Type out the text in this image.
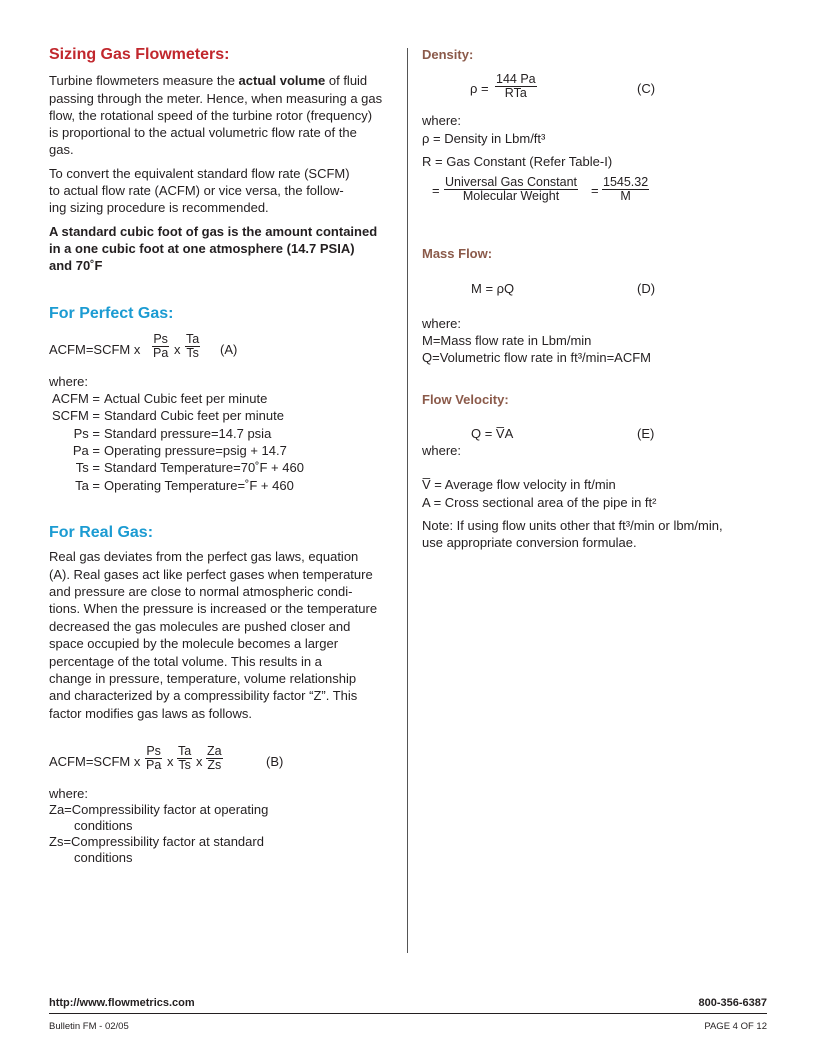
Sizing Gas Flowmeters:
Turbine flowmeters measure the actual volume of fluid
passing through the meter. Hence, when measuring a gas
flow, the rotational speed of the turbine rotor (frequency)
is proportional to the actual volumetric flow rate of the
gas.
To convert the equivalent standard flow rate (SCFM)
to actual flow rate (ACFM) or vice versa, the follow-
ing sizing procedure is recommended.
A standard cubic foot of gas is the amount contained
in a one cubic foot at one atmosphere (14.7 PSIA)
and 70˚F
For Perfect Gas:
ACFM=SCFM x $\frac{Ps}{Pa}$ x $\frac{Ta}{Ts} (A)$
where:
ACFM = Actual Cubic feet per minute
SCFM = Standard Cubic feet per minute
Ps = Standard pressure=14.7 psia
Pa = Operating pressure=psig + 14.7
Ts = Standard Temperature=70˚F + 460
Ta = Operating Temperature=˚F + 460
For Real Gas:
Real gas deviates from the perfect gas laws, equation
(A). Real gases act like perfect gases when temperature
and pressure are close to normal atmospheric condi-
tions. When the pressure is increased or the temperature
decreased the gas molecules are pushed closer and
space occupied by the molecule becomes a larger
percentage of the total volume. This results in a
change in pressure, temperature, volume relationship
and characterized by a compressibility factor “Z”. This
factor modifies gas laws as follows.
ACFM=SCFM x $\frac{Ps}{Pa}$ x $\frac{Ta}{Ts}$ x $\frac{Za}{Zs}$	(B)
where:
Za=Compressibility factor at operating
conditions
Zs=Compressibility factor at standard
conditions
Density:
ρ =
144 Pa
RTa	(C)
where:
ρ = Density in Lbm/ft³
R = Gas Constant (Refer Table-I)
=
Universal Gas Constant
Molecular Weight	= $\frac{1545.32}{M}$
Mass Flow:
M = ρQ	(D)
where:
M=Mass flow rate in Lbm/min
Q=Volumetric flow rate in ft³/min=ACFM
Flow Velocity:
Q = V̅A	(E)
where:
V̅ = Average flow velocity in ft/min
A = Cross sectional area of the pipe in ft²
Note: If using flow units other that ft³/min or lbm/min,
use appropriate conversion formulae.
http://www.flowmetrics.com	800-356-6387
Bulletin FM - 02/05	PAGE 4 OF 12
